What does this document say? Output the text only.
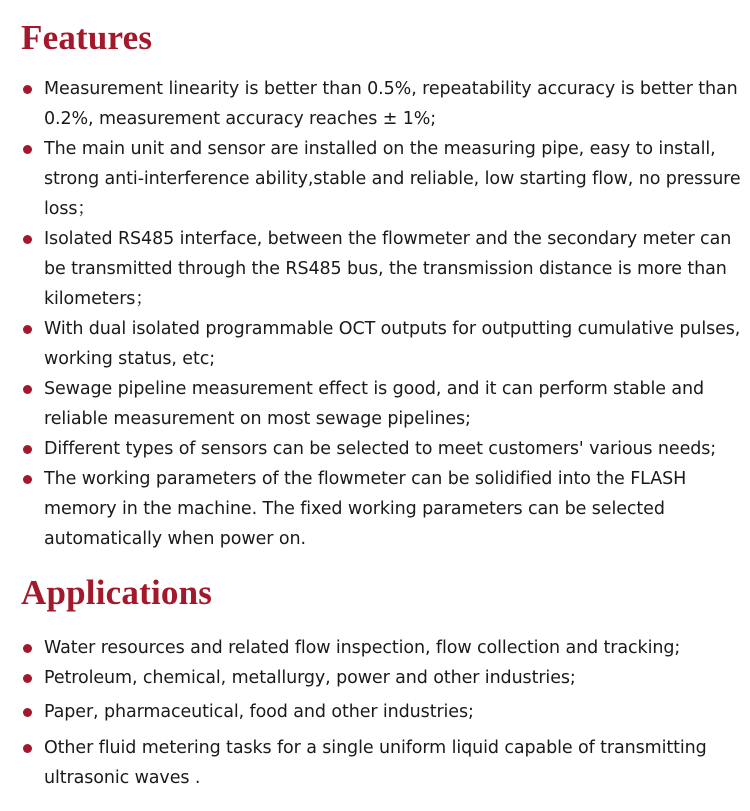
Features
Measurement linearity is better than 0.5%, repeatability accuracy is better than 0.2%, measurement accuracy reaches ± 1%;
The main unit and sensor are installed on the measuring pipe, easy to install, strong anti-interference ability,stable and reliable, low starting flow, no pressure loss；
Isolated RS485 interface, between the flowmeter and the secondary meter can be transmitted through the RS485 bus, the transmission distance is more than kilometers；
With dual isolated programmable OCT outputs for outputting cumulative pulses, working status, etc;
Sewage pipeline measurement effect is good, and it can perform stable and reliable measurement on most sewage pipelines;
Different types of sensors can be selected to meet customers' various needs;
The working parameters of the flowmeter can be solidified into the FLASH memory in the machine. The fixed working parameters can be selected automatically when power on.
Applications
Water resources and related flow inspection, flow collection and tracking;
Petroleum, chemical, metallurgy, power and other industries;
Paper, pharmaceutical, food and other industries;
Other fluid metering tasks for a single uniform liquid capable of transmitting ultrasonic waves .
